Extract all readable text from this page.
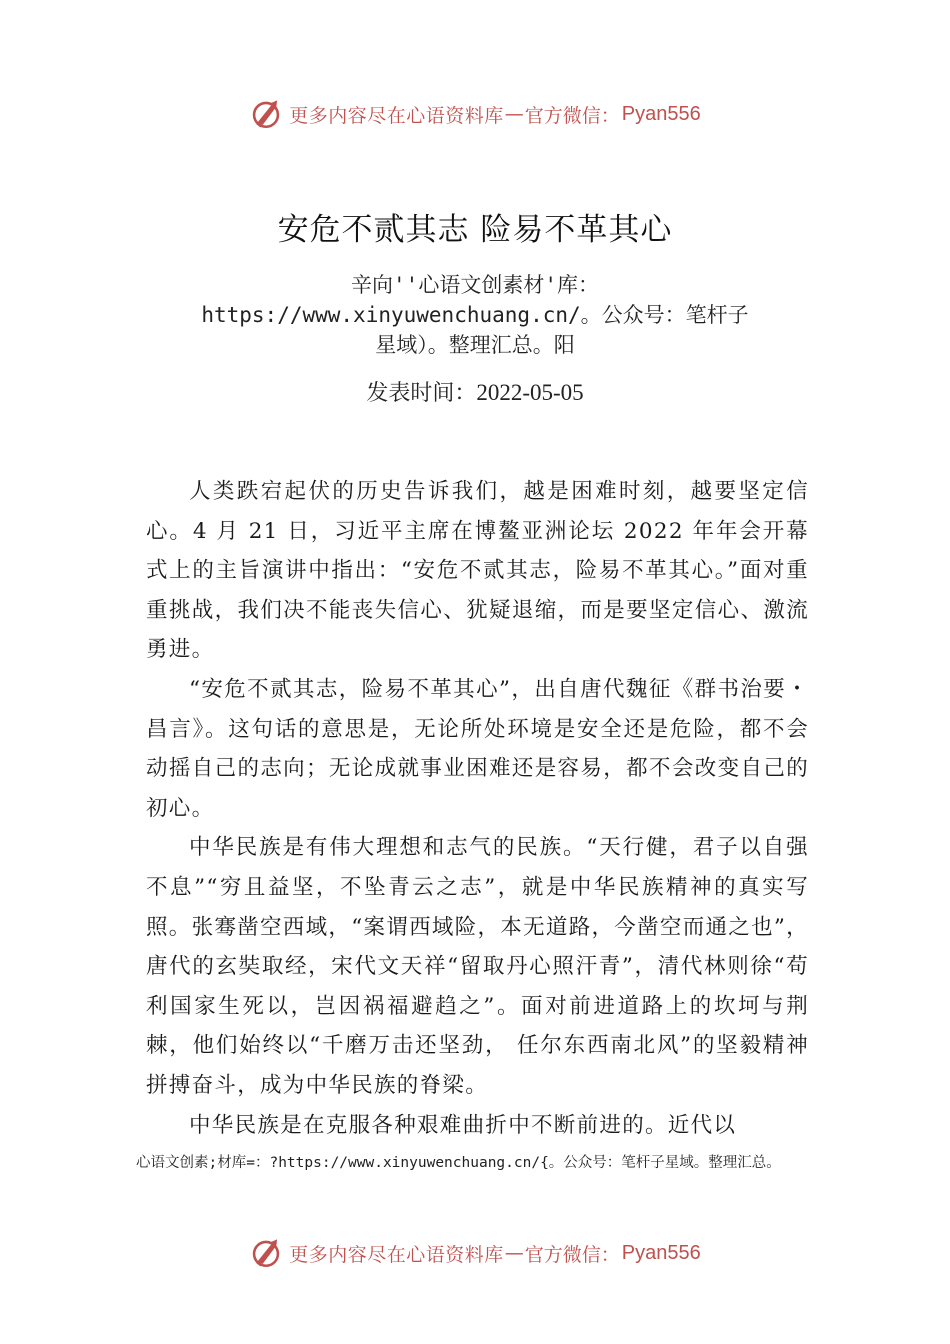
更多内容尽在心语资料库 — 官方微信： Pyan556
安危不贰其志 险易不革其心
辛向''心语文创素材'库：https://www.xinyuwenchuang.cn/。公众号：笔杆子星域）。整理汇总。阳
发表时间：2022-05-05

人类跌宕起伏的历史告诉我们，越是困难时刻，越要坚定信心。4 月 21 日，习近平主席在博鳌亚洲论坛 2022 年年会开幕式上的主旨演讲中指出：“安危不贰其志，险易不革其心。”面对重重挑战，我们决不能丧失信心、犹疑退缩，而是要坚定信心、激流勇进。

“安危不贰其志，险易不革其心”，出自唐代魏征《群书治要・昌言》。这句话的意思是，无论所处环境是安全还是危险，都不会动摇自己的志向；无论成就事业困难还是容易，都不会改变自己的初心。

中华民族是有伟大理想和志气的民族。“天行健，君子以自强不息”“穷且益坚，不坠青云之志”，就是中华民族精神的真实写照。张骞凿空西域，“案谓西域险，本无道路，今凿空而通之也”，唐代的玄奘取经，宋代文天祥“留取丹心照汗青”，清代林则徐“苟利国家生死以，岂因祸福避趋之”。面对前进道路上的坎坷与荆棘，他们始终以“千磨万击还坚劲， 任尔东西南北风”的坚毅精神拼搏奋斗，成为中华民族的脊梁。

中华民族是在克服各种艰难曲折中不断前进的。近代以

心语文创素;材库=：?https://www.xinyuwenchuang.cn/{。公众号：笔杆子星域。整理汇总。
更多内容尽在心语资料库 — 官方微信： Pyan556
